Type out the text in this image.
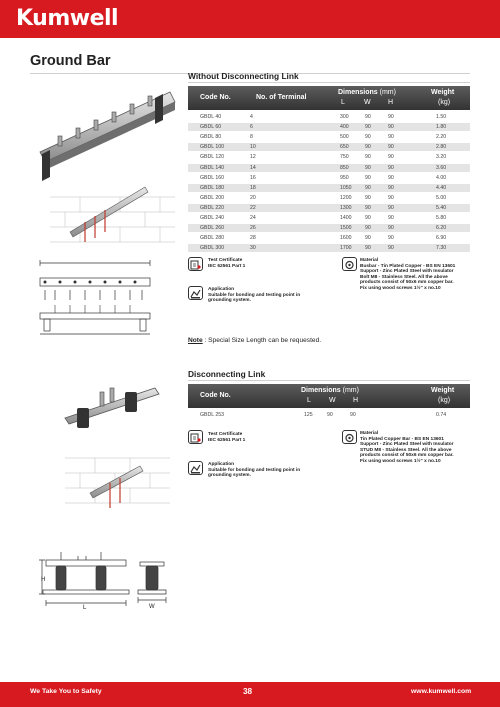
Kumwell
Ground Bar
Without Disconnecting Link
Code No.	No. of Terminal
Dimensions (mm)
L	W H
Weight
(kg)
GBDL 40	4	300	90	90	1.50
GBDL 60	6	400	90	90	1.80
GBDL 80	8	500	90	90	2.20
GBDL 100	10	650	90	90	2.80
GBDL 120	12	750	90	90	3.20
GBDL 140	14	850	90	90	3.60
GBDL 160	16	950	90	90	4.00
GBDL 180	18	1050	90	90	4.40
GBDL 200	20	1200	90	90	5.00
GBDL 220	22	1300	90	90	5.40
GBDL 240	24	1400	90	90	5.80
GBDL 260	26	1500	90	90	6.20
GBDL 280	28	1600	90	90	6.90
GBDL 300	30	1700	90	90	7.30
Test Certificate
IEC 62561 Part 1
Application
Suitable for bonding and testing point in
grounding system.
Material
Busbar - Tin Plated Copper - BS EN 13601
Support - Zinc Plated Steel with Insulator
Bolt M8 - Stainless Steel. All the above
products consist of 50x6 mm copper bar.
Fix using wood screws 1½" x no.10
Note : Special Size Length can be requested.
Disconnecting Link
Code No.
Dimensions (mm)
L	W H
Weight
(kg)
GBDL 253	125	90	90	0.74
Test Certificate
IEC 62561 Part 1
Application
Suitable for bonding and testing point in
grounding system.
Material
Tin Plated Copper Bar - BS EN 13601
Support - Zinc Plated Steel with Insulator
STUD M8 - Stainless Steel. All the above
products consist of 50x6 mm copper bar.
Fix using wood screws 1½" x no.10
H
L	W
We Take You to Safety	38	www.kumwell.com
